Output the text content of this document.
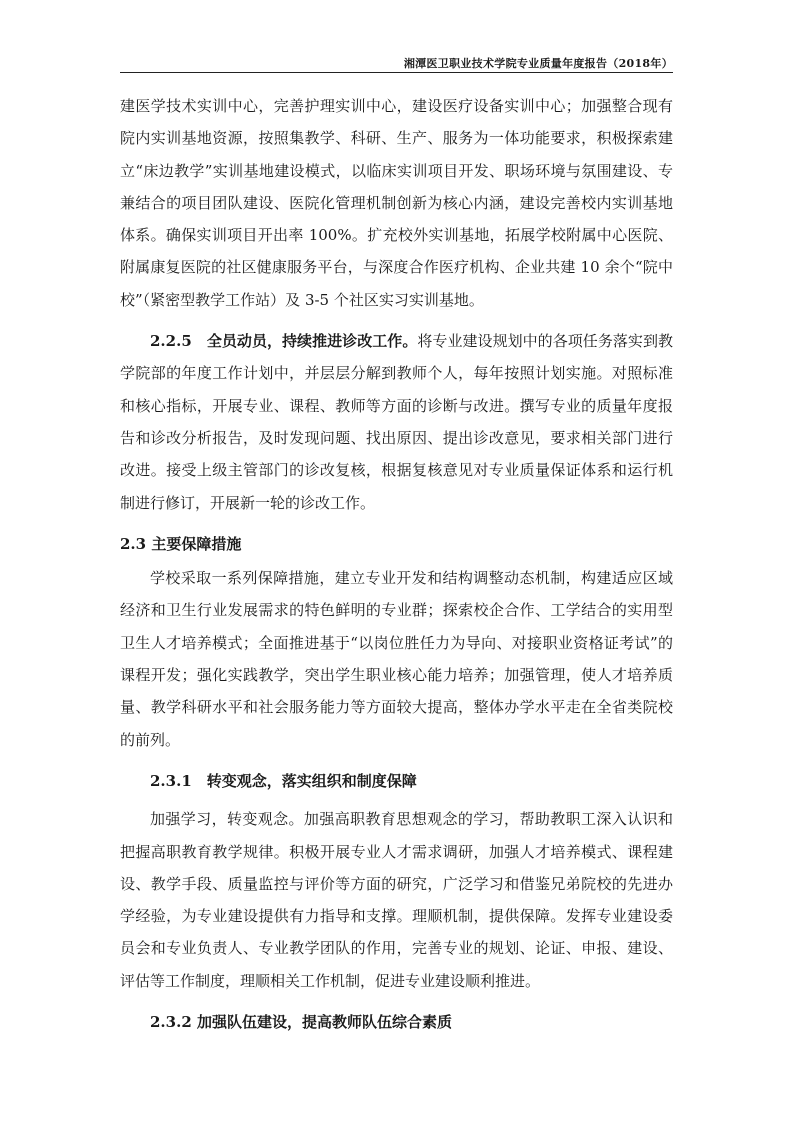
湘潭医卫职业技术学院专业质量年度报告（2018年）

建医学技术实训中心，完善护理实训中心，建设医疗设备实训中心；加强整合现有院内实训基地资源，按照集教学、科研、生产、服务为一体功能要求，积极探索建立“床边教学”实训基地建设模式，以临床实训项目开发、职场环境与氛围建设、专兼结合的项目团队建设、医院化管理机制创新为核心内涵，建设完善校内实训基地体系。确保实训项目开出率 100%。扩充校外实训基地，拓展学校附属中心医院、附属康复医院的社区健康服务平台，与深度合作医疗机构、企业共建 10 余个“院中校”（紧密型教学工作站）及 3-5 个社区实习实训基地。

2.2.5　全员动员，持续推进诊改工作。将专业建设规划中的各项任务落实到教学院部的年度工作计划中，并层层分解到教师个人，每年按照计划实施。对照标准和核心指标，开展专业、课程、教师等方面的诊断与改进。撰写专业的质量年度报告和诊改分析报告，及时发现问题、找出原因、提出诊改意见，要求相关部门进行改进。接受上级主管部门的诊改复核，根据复核意见对专业质量保证体系和运行机制进行修订，开展新一轮的诊改工作。

2.3 主要保障措施

学校采取一系列保障措施，建立专业开发和结构调整动态机制，构建适应区域经济和卫生行业发展需求的特色鲜明的专业群；探索校企合作、工学结合的实用型卫生人才培养模式；全面推进基于“以岗位胜任力为导向、对接职业资格证考试”的课程开发；强化实践教学，突出学生职业核心能力培养；加强管理，使人才培养质量、教学科研水平和社会服务能力等方面较大提高，整体办学水平走在全省类院校的前列。

2.3.1　转变观念，落实组织和制度保障

加强学习，转变观念。加强高职教育思想观念的学习，帮助教职工深入认识和把握高职教育教学规律。积极开展专业人才需求调研，加强人才培养模式、课程建设、教学手段、质量监控与评价等方面的研究，广泛学习和借鉴兄弟院校的先进办学经验，为专业建设提供有力指导和支撑。理顺机制，提供保障。发挥专业建设委员会和专业负责人、专业教学团队的作用，完善专业的规划、论证、申报、建设、评估等工作制度，理顺相关工作机制，促进专业建设顺利推进。

2.3.2 加强队伍建设，提高教师队伍综合素质
